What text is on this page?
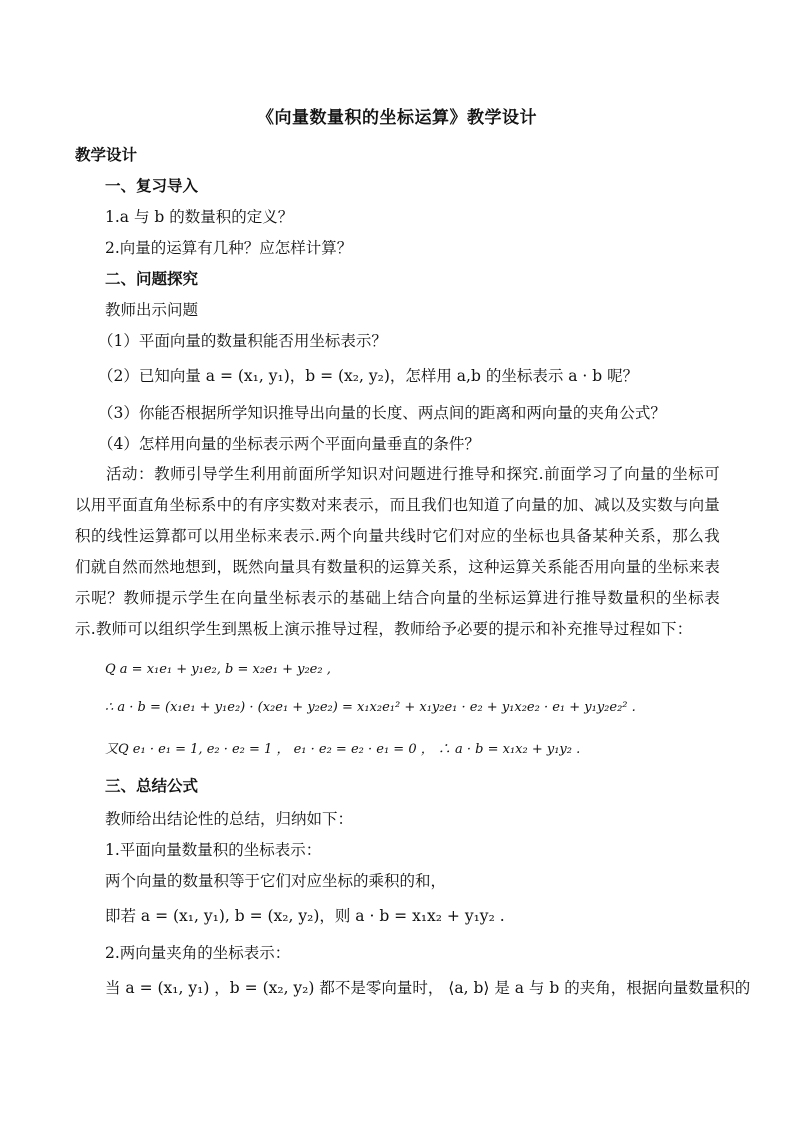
《向量数量积的坐标运算》教学设计
教学设计
一、复习导入
1.a 与 b 的数量积的定义？
2.向量的运算有几种？应怎样计算？
二、问题探究
教师出示问题
（1）平面向量的数量积能否用坐标表示？
（2）已知向量 a = (x₁, y₁)，b = (x₂, y₂)，怎样用 a,b 的坐标表示 a · b 呢？
（3）你能否根据所学知识推导出向量的长度、两点间的距离和两向量的夹角公式？
（4）怎样用向量的坐标表示两个平面向量垂直的条件？
活动：教师引导学生利用前面所学知识对问题进行推导和探究.前面学习了向量的坐标可以用平面直角坐标系中的有序实数对来表示，而且我们也知道了向量的加、减以及实数与向量积的线性运算都可以用坐标来表示.两个向量共线时它们对应的坐标也具备某种关系，那么我们就自然而然地想到，既然向量具有数量积的运算关系，这种运算关系能否用向量的坐标来表示呢？教师提示学生在向量坐标表示的基础上结合向量的坐标运算进行推导数量积的坐标表示.教师可以组织学生到黑板上演示推导过程，教师给予必要的提示和补充推导过程如下：
Q a = x₁e₁ + y₁e₂, b = x₂e₁ + y₂e₂ ,
∴ a · b = (x₁e₁ + y₁e₂) · (x₂e₁ + y₂e₂) = x₁x₂e₁² + x₁y₂e₁ · e₂ + y₁x₂e₂ · e₁ + y₁y₂e₂² .
又Q e₁ · e₁ = 1, e₂ · e₂ = 1 ， e₁ · e₂ = e₂ · e₁ = 0 ， ∴ a · b = x₁x₂ + y₁y₂ .
三、总结公式
教师给出结论性的总结，归纳如下：
1.平面向量数量积的坐标表示：
两个向量的数量积等于它们对应坐标的乘积的和，
即若 a = (x₁, y₁), b = (x₂, y₂)，则 a · b = x₁x₂ + y₁y₂ .
2.两向量夹角的坐标表示：
当 a = (x₁, y₁) ，b = (x₂, y₂) 都不是零向量时， ⟨a, b⟩ 是 a 与 b 的夹角，根据向量数量积的
